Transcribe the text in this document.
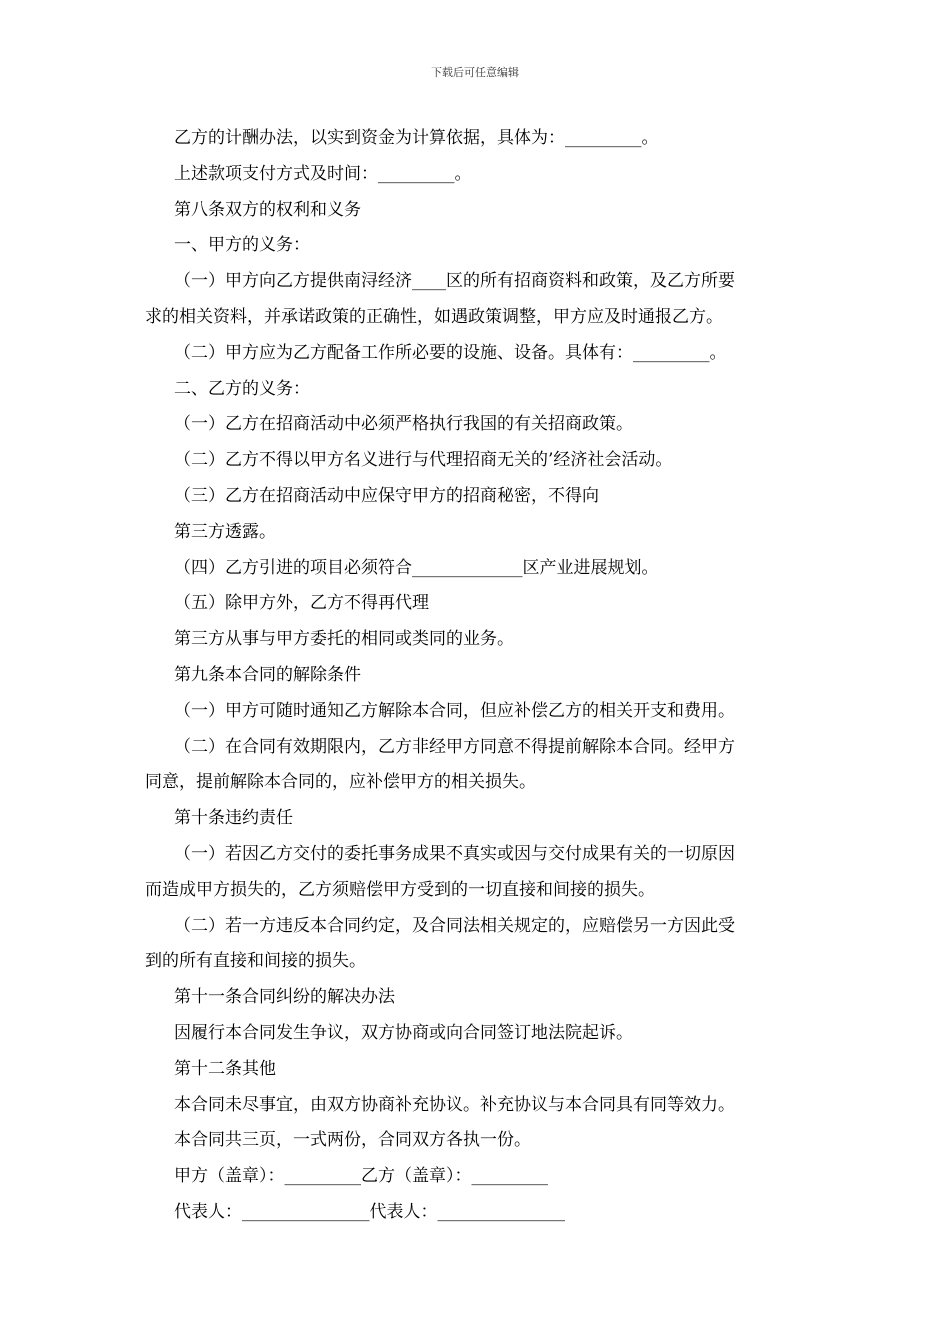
下载后可任意编辑
乙方的计酬办法，以实到资金为计算依据，具体为：_________。
上述款项支付方式及时间：_________。
第八条双方的权利和义务
一、甲方的义务：
（一）甲方向乙方提供南浔经济____区的所有招商资料和政策，及乙方所要
求的相关资料，并承诺政策的正确性，如遇政策调整，甲方应及时通报乙方。
（二）甲方应为乙方配备工作所必要的设施、设备。具体有：_________。
二、乙方的义务：
（一）乙方在招商活动中必须严格执行我国的有关招商政策。
（二）乙方不得以甲方名义进行与代理招商无关的’经济社会活动。
（三）乙方在招商活动中应保守甲方的招商秘密，不得向
第三方透露。
（四）乙方引进的项目必须符合_____________区产业进展规划。
（五）除甲方外，乙方不得再代理
第三方从事与甲方委托的相同或类同的业务。
第九条本合同的解除条件
（一）甲方可随时通知乙方解除本合同，但应补偿乙方的相关开支和费用。
（二）在合同有效期限内，乙方非经甲方同意不得提前解除本合同。经甲方
同意，提前解除本合同的，应补偿甲方的相关损失。
第十条违约责任
（一）若因乙方交付的委托事务成果不真实或因与交付成果有关的一切原因
而造成甲方损失的，乙方须赔偿甲方受到的一切直接和间接的损失。
（二）若一方违反本合同约定，及合同法相关规定的，应赔偿另一方因此受
到的所有直接和间接的损失。
第十一条合同纠纷的解决办法
因履行本合同发生争议，双方协商或向合同签订地法院起诉。
第十二条其他
本合同未尽事宜，由双方协商补充协议。补充协议与本合同具有同等效力。
本合同共三页，一式两份，合同双方各执一份。
甲方（盖章）：_________乙方（盖章）：_________
代表人：_______________代表人：_______________
